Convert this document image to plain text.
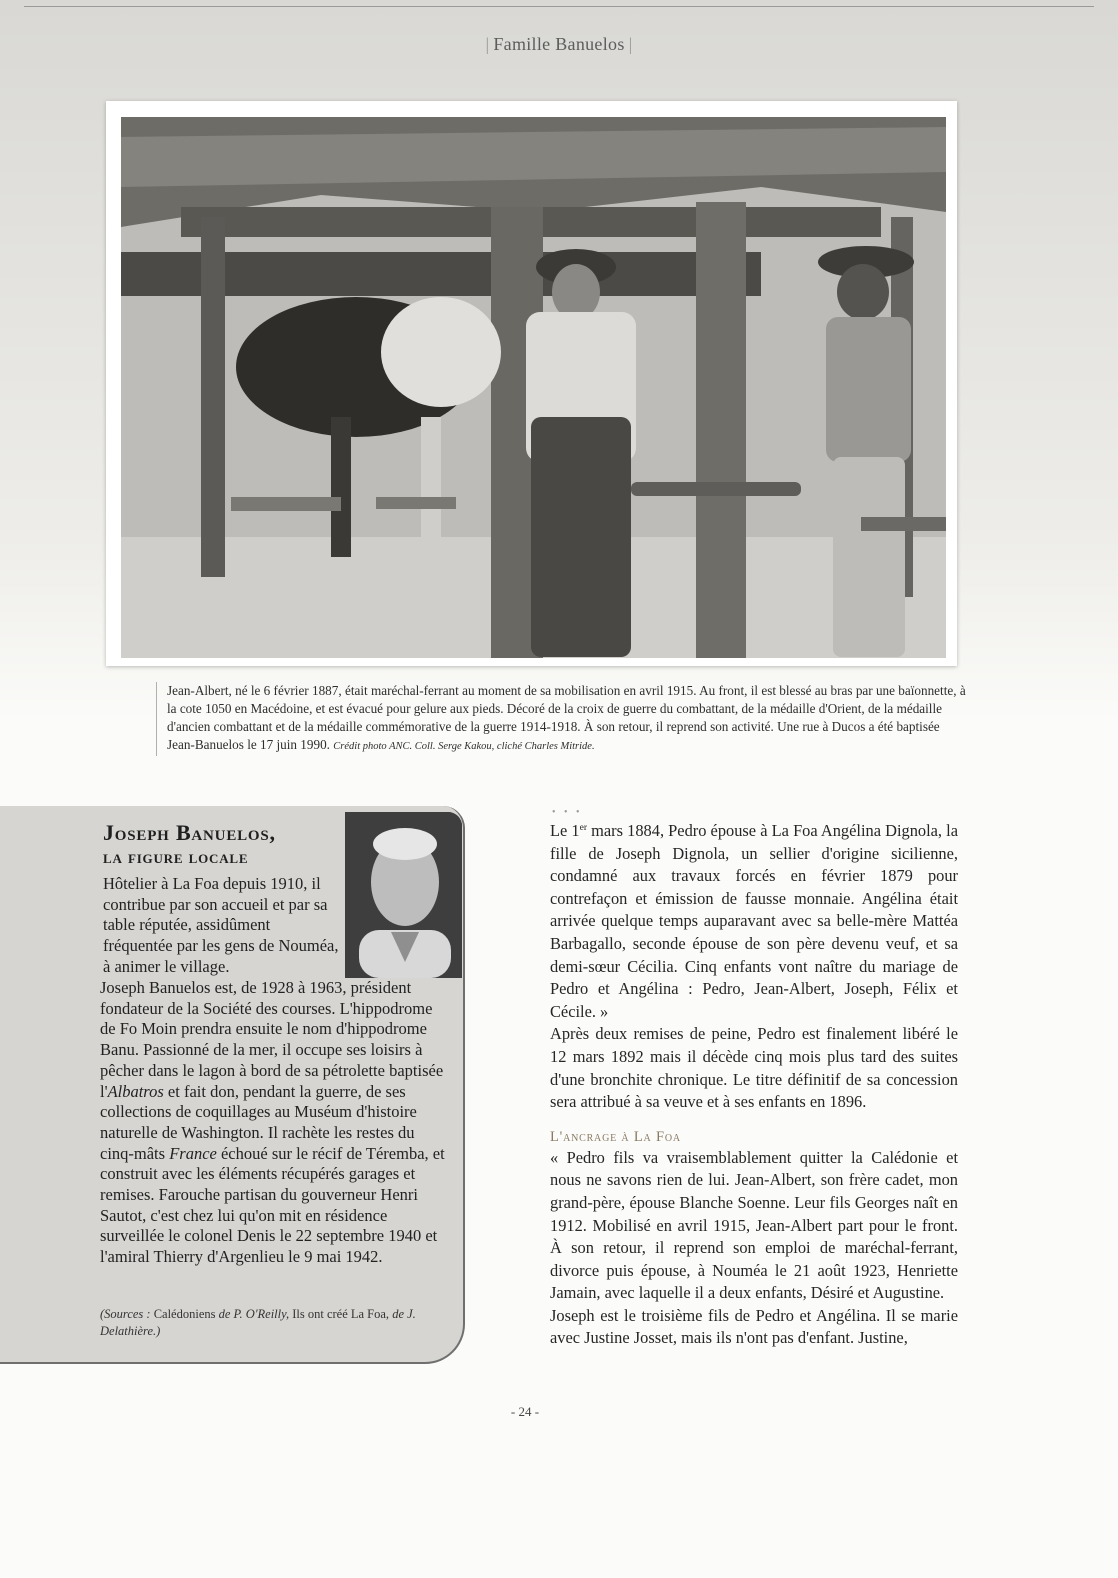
| Famille Banuelos |
Jean-Albert, né le 6 février 1887, était maréchal-ferrant au moment de sa mobilisation en avril 1915. Au front, il est blessé au bras par une baïonnette, à la cote 1050 en Macédoine, et est évacué pour gelure aux pieds. Décoré de la croix de guerre du combattant, de la médaille d'Orient, de la médaille d'ancien combattant et de la médaille commémorative de la guerre 1914-1918. À son retour, il reprend son activité. Une rue à Ducos a été baptisée Jean-Banuelos le 17 juin 1990. Crédit photo ANC. Coll. Serge Kakou, cliché Charles Mitride.
Joseph Banuelos,
la figure locale
Hôtelier à La Foa depuis 1910, il contribue par son accueil et par sa table réputée, assidûment fréquentée par les gens de Nouméa, à animer le village.
Joseph Banuelos est, de 1928 à 1963, président fondateur de la Société des courses. L'hippodrome de Fo Moin prendra ensuite le nom d'hippodrome Banu. Passionné de la mer, il occupe ses loisirs à pêcher dans le lagon à bord de sa pétrolette baptisée l'Albatros et fait don, pendant la guerre, de ses collections de coquillages au Muséum d'histoire naturelle de Washington. Il rachète les restes du cinq-mâts France échoué sur le récif de Téremba, et construit avec les éléments récupérés garages et remises. Farouche partisan du gouverneur Henri Sautot, c'est chez lui qu'on mit en résidence surveillée le colonel Denis le 22 septembre 1940 et l'amiral Thierry d'Argenlieu le 9 mai 1942.
(Sources : Calédoniens de P. O'Reilly, Ils ont créé La Foa, de J. Delathière.)
• • •

Le 1er mars 1884, Pedro épouse à La Foa Angélina Dignola, la fille de Joseph Dignola, un sellier d'origine sicilienne, condamné aux travaux forcés en février 1879 pour contrefaçon et émission de fausse monnaie. Angélina était arrivée quelque temps auparavant avec sa belle-mère Mattéa Barbagallo, seconde épouse de son père devenu veuf, et sa demi-sœur Cécilia. Cinq enfants vont naître du mariage de Pedro et Angélina : Pedro, Jean-Albert, Joseph, Félix et Cécile. »

Après deux remises de peine, Pedro est finalement libéré le 12 mars 1892 mais il décède cinq mois plus tard des suites d'une bronchite chronique. Le titre définitif de sa concession sera attribué à sa veuve et à ses enfants en 1896.

L'ancrage à La Foa

« Pedro fils va vraisemblablement quitter la Calédonie et nous ne savons rien de lui. Jean-Albert, son frère cadet, mon grand-père, épouse Blanche Soenne. Leur fils Georges naît en 1912. Mobilisé en avril 1915, Jean-Albert part pour le front. À son retour, il reprend son emploi de maréchal-ferrant, divorce puis épouse, à Nouméa le 21 août 1923, Henriette Jamain, avec laquelle il a deux enfants, Désiré et Augustine.

Joseph est le troisième fils de Pedro et Angélina. Il se marie avec Justine Josset, mais ils n'ont pas d'enfant. Justine,

- 24 -
